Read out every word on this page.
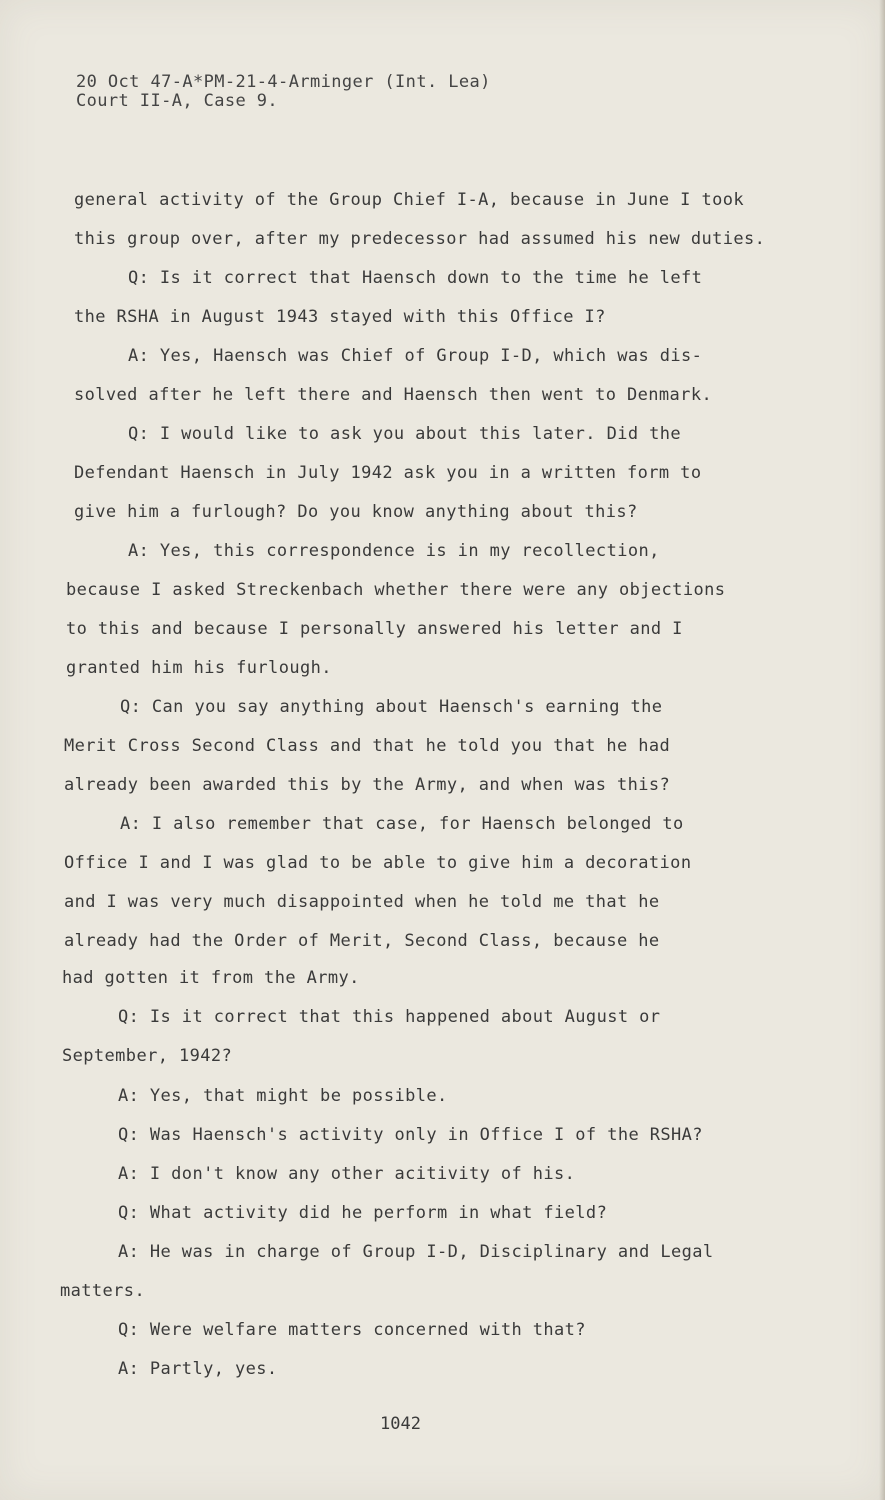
20 Oct 47-A*PM-21-4-Arminger (Int. Lea)
Court II-A, Case 9.
general activity of the Group Chief I-A, because in June I took
this group over, after my predecessor had assumed his new duties.
Q: Is it correct that Haensch down to the time he left
the RSHA in August 1943 stayed with this Office I?
A: Yes, Haensch was Chief of Group I-D, which was dis-
solved after he left there and Haensch then went to Denmark.
Q: I would like to ask you about this later. Did the
Defendant Haensch in July 1942 ask you in a written form to
give him a furlough? Do you know anything about this?
A: Yes, this correspondence is in my recollection,
because I asked Streckenbach whether there were any objections
to this and because I personally answered his letter and I
granted him his furlough.
Q: Can you say anything about Haensch's earning the
Merit Cross Second Class and that he told you that he had
already been awarded this by the Army, and when was this?
A: I also remember that case, for Haensch belonged to
Office I and I was glad to be able to give him a decoration
and I was very much disappointed when he told me that he
already had the Order of Merit, Second Class, because he
had gotten it from the Army.
Q: Is it correct that this happened about August or
September, 1942?
A: Yes, that might be possible.
Q: Was Haensch's activity only in Office I of the RSHA?
A: I don't know any other acitivity of his.
Q: What activity did he perform in what field?
A: He was in charge of Group I-D, Disciplinary and Legal
matters.
Q: Were welfare matters concerned with that?
A: Partly, yes.
1042
